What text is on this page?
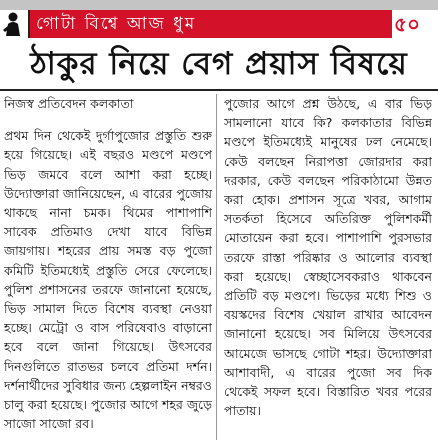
গোটা বিশ্বে আজ ধুম	৫০
ঠাকুর নিয়ে বেগ প্রয়াস বিষয়ে
নিজস্ব প্রতিবেদন কলকাতা
প্রথম দিন থেকেই দুর্গাপুজোর প্রস্তুতি শুরু হয়ে গিয়েছে। এই বছরও মণ্ডপে মণ্ডপে ভিড় জমবে বলে আশা করা হচ্ছে। উদ্যোক্তারা জানিয়েছেন, এ বারের পুজোয় থাকছে নানা চমক। থিমের পাশাপাশি সাবেক প্রতিমাও দেখা যাবে বিভিন্ন জায়গায়। শহরের প্রায় সমস্ত বড় পুজো কমিটি ইতিমধ্যেই প্রস্তুতি সেরে ফেলেছে। পুলিশ প্রশাসনের তরফে জানানো হয়েছে, ভিড় সামাল দিতে বিশেষ ব্যবস্থা নেওয়া হচ্ছে। মেট্রো ও বাস পরিষেবাও বাড়ানো হবে বলে জানা গিয়েছে। উৎসবের দিনগুলিতে রাতভর চলবে প্রতিমা দর্শন। দর্শনার্থীদের সুবিধার জন্য হেল্পলাইন নম্বরও চালু করা হয়েছে। পুজোর আগে শহর জুড়ে সাজো সাজো রব।
পুজোর আগে প্রশ্ন উঠছে, এ বার ভিড় সামলানো যাবে কি? কলকাতার বিভিন্ন মণ্ডপে ইতিমধ্যেই মানুষের ঢল নেমেছে। কেউ বলছেন নিরাপত্তা জোরদার করা দরকার, কেউ বলছেন পরিকাঠামো উন্নত করা হোক। প্রশাসন সূত্রে খবর, আগাম সতর্কতা হিসেবে অতিরিক্ত পুলিশকর্মী মোতায়েন করা হবে। পাশাপাশি পুরসভার তরফে রাস্তা পরিষ্কার ও আলোর ব্যবস্থা করা হয়েছে। স্বেচ্ছাসেবকরাও থাকবেন প্রতিটি বড় মণ্ডপে। ভিড়ের মধ্যে শিশু ও বয়স্কদের বিশেষ খেয়াল রাখার আবেদন জানানো হয়েছে। সব মিলিয়ে উৎসবের আমেজে ভাসছে গোটা শহর। উদ্যোক্তারা আশাবাদী, এ বারের পুজো সব দিক থেকেই সফল হবে। বিস্তারিত খবর পরের পাতায়।
